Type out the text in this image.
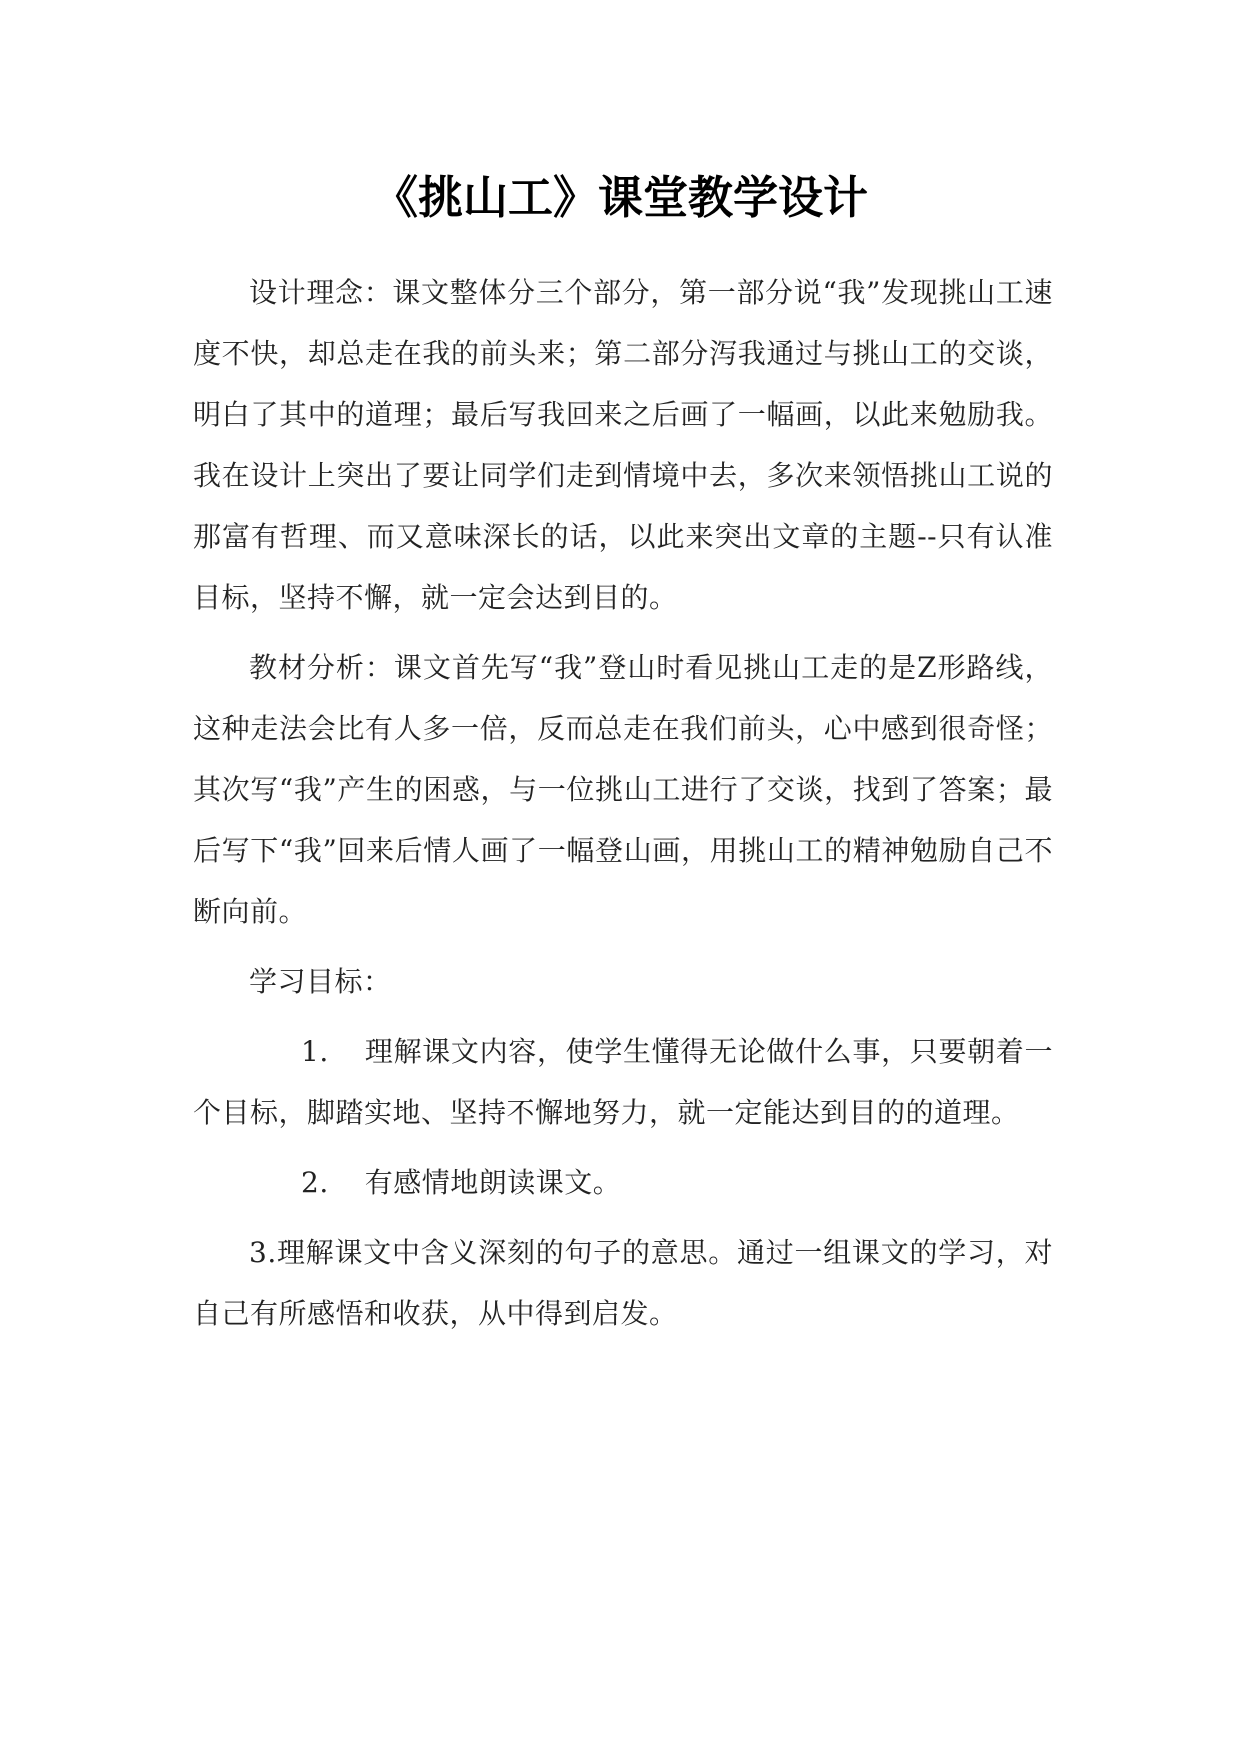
《挑山工》课堂教学设计

设计理念：课文整体分三个部分，第一部分说“我”发现挑山工速度不快，却总走在我的前头来；第二部分泻我通过与挑山工的交谈，明白了其中的道理；最后写我回来之后画了一幅画，以此来勉励我。我在设计上突出了要让同学们走到情境中去，多次来领悟挑山工说的那富有哲理、而又意味深长的话，以此来突出文章的主题--只有认准目标，坚持不懈，就一定会达到目的。

教材分析：课文首先写“我”登山时看见挑山工走的是Z形路线，这种走法会比有人多一倍，反而总走在我们前头，心中感到很奇怪；其次写“我”产生的困惑，与一位挑山工进行了交谈，找到了答案；最后写下“我”回来后情人画了一幅登山画，用挑山工的精神勉励自己不断向前。

学习目标：

1. 理解课文内容，使学生懂得无论做什么事，只要朝着一个目标，脚踏实地、坚持不懈地努力，就一定能达到目的的道理。

2. 有感情地朗读课文。

3.理解课文中含义深刻的句子的意思。通过一组课文的学习，对自己有所感悟和收获，从中得到启发。
